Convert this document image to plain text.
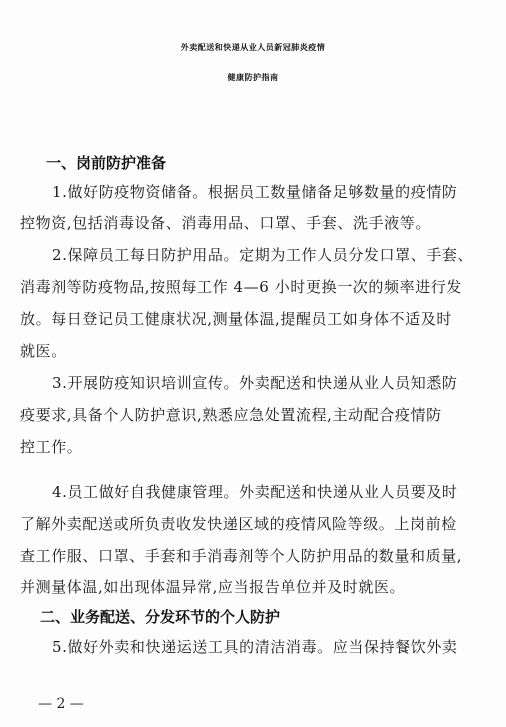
外卖配送和快递从业人员新冠肺炎疫情
健康防护指南
一、岗前防护准备
1.做好防疫物资储备。根据员工数量储备足够数量的疫情防
控物资,包括消毒设备、消毒用品、口罩、手套、洗手液等。
2.保障员工每日防护用品。定期为工作人员分发口罩、手套、
消毒剂等防疫物品,按照每工作 4—6 小时更换一次的频率进行发
放。每日登记员工健康状况,测量体温,提醒员工如身体不适及时
就医。
3.开展防疫知识培训宣传。外卖配送和快递从业人员知悉防
疫要求,具备个人防护意识,熟悉应急处置流程,主动配合疫情防
控工作。
4.员工做好自我健康管理。外卖配送和快递从业人员要及时
了解外卖配送或所负责收发快递区域的疫情风险等级。上岗前检
查工作服、口罩、手套和手消毒剂等个人防护用品的数量和质量,
并测量体温,如出现体温异常,应当报告单位并及时就医。
二、业务配送、分发环节的个人防护
5.做好外卖和快递运送工具的清洁消毒。应当保持餐饮外卖
— 2 —
